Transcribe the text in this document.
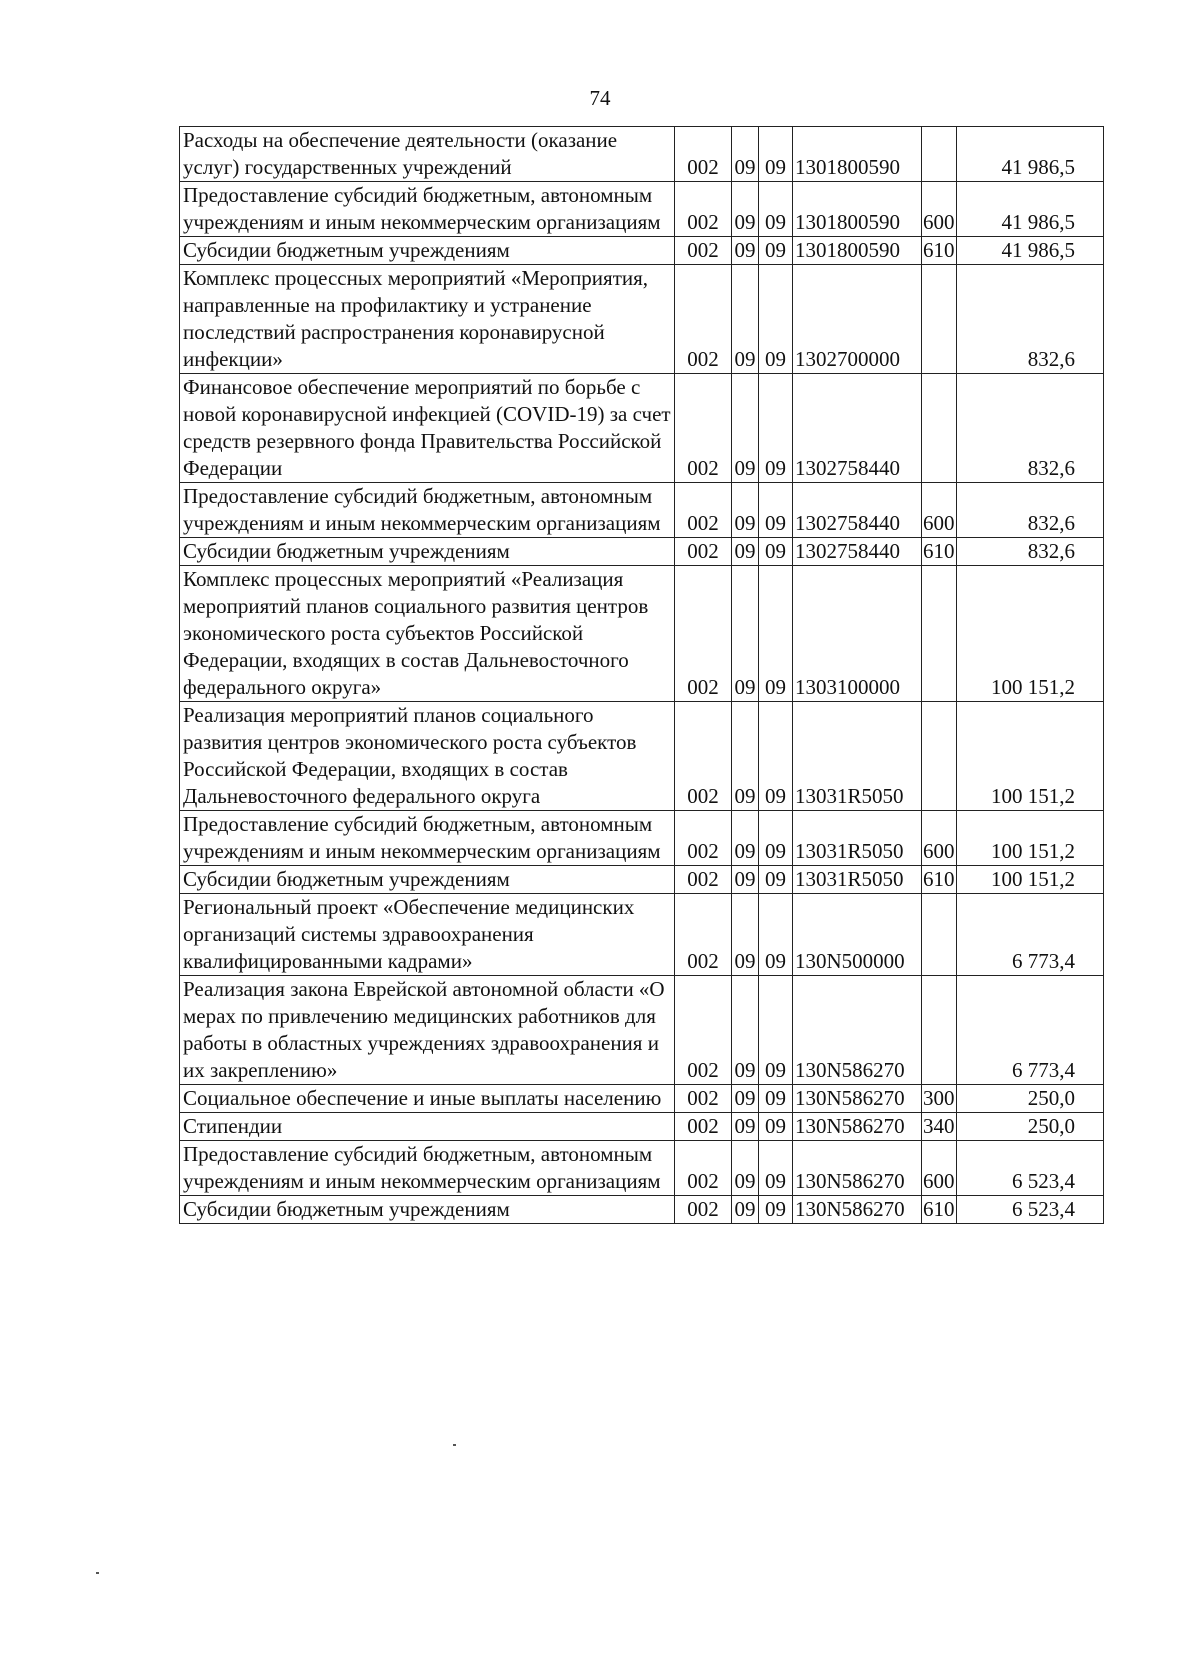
74
Расходы на обеспечение деятельности (оказание услуг) государственных учреждений	002	09	09	1301800590		41 986,5
Предоставление субсидий бюджетным, автономным учреждениям и иным некоммерческим организациям	002	09	09	1301800590	600	41 986,5
Субсидии бюджетным учреждениям	002	09	09	1301800590	610	41 986,5
Комплекс процессных мероприятий «Мероприятия, направленные на профилактику и устранение последствий распространения коронавирусной инфекции»	002	09	09	1302700000		832,6
Финансовое обеспечение мероприятий по борьбе с новой коронавирусной инфекцией (COVID-19) за счет средств резервного фонда Правительства Российской Федерации	002	09	09	1302758440		832,6
Предоставление субсидий бюджетным, автономным учреждениям и иным некоммерческим организациям	002	09	09	1302758440	600	832,6
Субсидии бюджетным учреждениям	002	09	09	1302758440	610	832,6
Комплекс процессных мероприятий «Реализация мероприятий планов социального развития центров экономического роста субъектов Российской Федерации, входящих в состав Дальневосточного федерального округа»	002	09	09	1303100000		100 151,2
Реализация мероприятий планов социального развития центров экономического роста субъектов Российской Федерации, входящих в состав Дальневосточного федерального округа	002	09	09	13031R5050		100 151,2
Предоставление субсидий бюджетным, автономным учреждениям и иным некоммерческим организациям	002	09	09	13031R5050	600	100 151,2
Субсидии бюджетным учреждениям	002	09	09	13031R5050	610	100 151,2
Региональный проект «Обеспечение медицинских организаций системы здравоохранения квалифицированными кадрами»	002	09	09	130N500000		6 773,4
Реализация закона Еврейской автономной области «О мерах по привлечению медицинских работников для работы в областных учреждениях здравоохранения и их закреплению»	002	09	09	130N586270		6 773,4
Социальное обеспечение и иные выплаты населению	002	09	09	130N586270	300	250,0
Стипендии	002	09	09	130N586270	340	250,0
Предоставление субсидий бюджетным, автономным учреждениям и иным некоммерческим организациям	002	09	09	130N586270	600	6 523,4
Субсидии бюджетным учреждениям	002	09	09	130N586270	610	6 523,4
